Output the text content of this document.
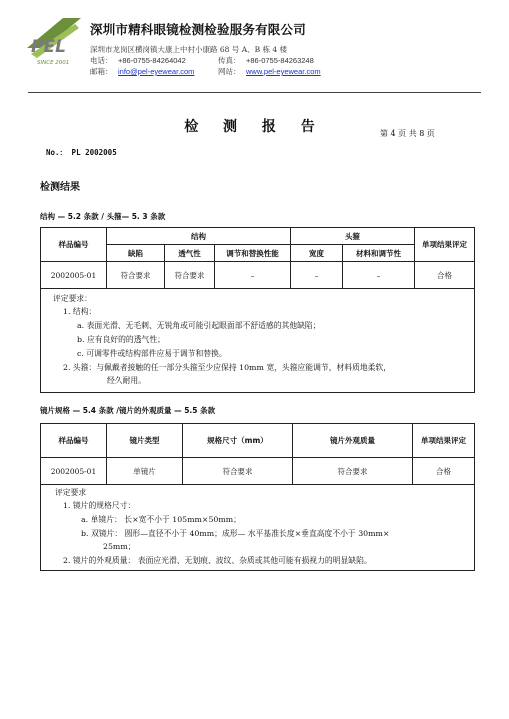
PEL
SINCE 2001
深圳市精科眼镜检测检验服务有限公司
深圳市龙岗区横岗镇大康上中村小康路 68 号 A、B 栋 4 楼
电话： +86-0755-84264042	传真： +86-0755-84263248
邮箱： info@pel-eyewear.com	网站： www.pel-eyewear.com
检 测 报 告	第 4 页 共 8 页
No.： PL 2002005
检测结果
结构 — 5.2 条款 / 头箍— 5. 3 条款
样品编号	结构			头箍		单项结果评定
	缺陷	透气性	调节和替换性能	宽度	材料和调节性	
2002005-01	符合要求	符合要求	–	–	–	合格
评定要求：
1. 结构：
a. 表面光滑、无毛刺、无锐角或可能引起眼面部不舒适感的其他缺陷；
b. 应有良好的的透气性；
c. 可调零件或结构部件应易于调节和替换。
2. 头箍：与佩戴者接触的任一部分头箍至少应保持 10mm 宽，头箍应能调节，材料质地柔软，
经久耐用。
镜片规格 — 5.4 条款 /镜片的外观质量 — 5.5 条款
样品编号	镜片类型	规格尺寸（mm）	镜片外观质量	单项结果评定
2002005-01	单镜片	符合要求	符合要求	合格
评定要求
1. 镜片的规格尺寸：
a. 单镜片： 长×宽不小于 105mm×50mm；
b. 双镜片： 圆形—直径不小于 40mm；成形— 水平基准长度×垂直高度不小于 30mm×
25mm；
2. 镜片的外观质量： 表面应光滑、无划痕、波纹、杂质或其他可能有损视力的明显缺陷。
